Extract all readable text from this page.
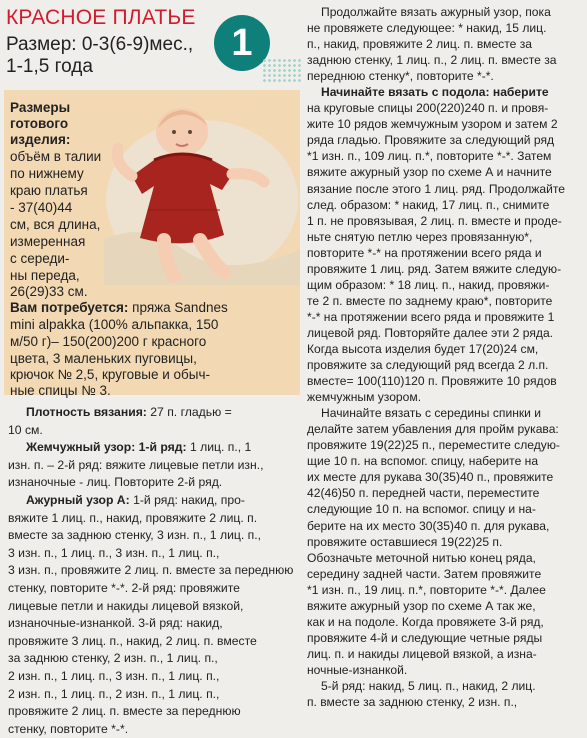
КРАСНОЕ ПЛАТЬЕ
Размер: 0-3(6-9)мес.,
1-1,5 года
1
Размеры
готового
изделия:
объём в талии
по нижнему
краю платья
- 37(40)44
см, вся длина,
измеренная
с середи-
ны переда,
26(29)33 см.
Вам потребуется: пряжа Sandnes
mini alpakka (100% альпакка, 150
м/50 г)– 150(200)200 г красного
цвета, 3 маленьких пуговицы,
крючок № 2,5, круговые и обыч-
ные спицы № 3.

Плотность вязания: 27 п. гладью =

10 см.

Жемчужный узор: 1-й ряд: 1 лиц. п., 1

изн. п. – 2-й ряд: вяжите лицевые петли изн.,

изнаночные - лиц. Повторите 2-й ряд.

Ажурный узор А: 1-й ряд: накид, про-

вяжите 1 лиц. п., накид, провяжите 2 лиц. п.

вместе за заднюю стенку, 3 изн. п., 1 лиц. п.,

3 изн. п., 1 лиц. п., 3 изн. п., 1 лиц. п.,

3 изн. п., провяжите 2 лиц. п. вместе за переднюю

стенку, повторите *-*. 2-й ряд: провяжите

лицевые петли и накиды лицевой вязкой,

изнаночные-изнанкой. 3-й ряд: накид,

провяжите 3 лиц. п., накид, 2 лиц. п. вместе

за заднюю стенку, 2 изн. п., 1 лиц. п.,

2 изн. п., 1 лиц. п., 3 изн. п., 1 лиц. п.,

2 изн. п., 1 лиц. п., 2 изн. п., 1 лиц. п.,

провяжите 2 лиц. п. вместе за переднюю

стенку, повторите *-*.

Продолжайте вязать ажурный узор, пока

не провяжете следующее: * накид, 15 лиц.

п., накид, провяжите 2 лиц. п. вместе за

заднюю стенку, 1 лиц. п., 2 лиц. п. вместе за

переднюю стенку*, повторите *-*.

Начинайте вязать с подола: наберите

на круговые спицы 200(220)240 п. и провя-

жите 10 рядов жемчужным узором и затем 2

ряда гладью. Провяжите за следующий ряд

*1 изн. п., 109 лиц. п.*, повторите *-*. Затем

вяжите ажурный узор по схеме А и начните

вязание после этого 1 лиц. ряд. Продолжайте

след. образом: * накид, 17 лиц. п., снимите

1 п. не провязывая, 2 лиц. п. вместе и проде-

ньте снятую петлю через провязанную*,

повторите *-* на протяжении всего ряда и

провяжите 1 лиц. ряд. Затем вяжите следую-

щим образом: * 18 лиц. п., накид, провяжи-

те 2 п. вместе по заднему краю*, повторите

*-* на протяжении всего ряда и провяжите 1

лицевой ряд. Повторяйте далее эти 2 ряда.

Когда высота изделия будет 17(20)24 см,

провяжите за следующий ряд всегда 2 л.п.

вместе= 100(110)120 п. Провяжите 10 рядов

жемчужным узором.

Начинайте вязать с середины спинки и

делайте затем убавления для пройм рукава:

провяжите 19(22)25 п., переместите следую-

щие 10 п. на вспомог. спицу, наберите на

их месте для рукава 30(35)40 п., провяжите

42(46)50 п. передней части, переместите

следующие 10 п. на вспомог. спицу и на-

берите на их место 30(35)40 п. для рукава,

провяжите оставшиеся 19(22)25 п.

Обозначьте меточной нитью конец ряда,

середину задней части. Затем провяжите

*1 изн. п., 19 лиц. п.*, повторите *-*. Далее

вяжите ажурный узор по схеме А так же,

как и на подоле. Когда провяжете 3-й ряд,

провяжите 4-й и следующие четные ряды

лиц. п. и накиды лицевой вязкой, а изна-

ночные-изнанкой.

5-й ряд: накид, 5 лиц. п., накид, 2 лиц.

п. вместе за заднюю стенку, 2 изн. п.,
